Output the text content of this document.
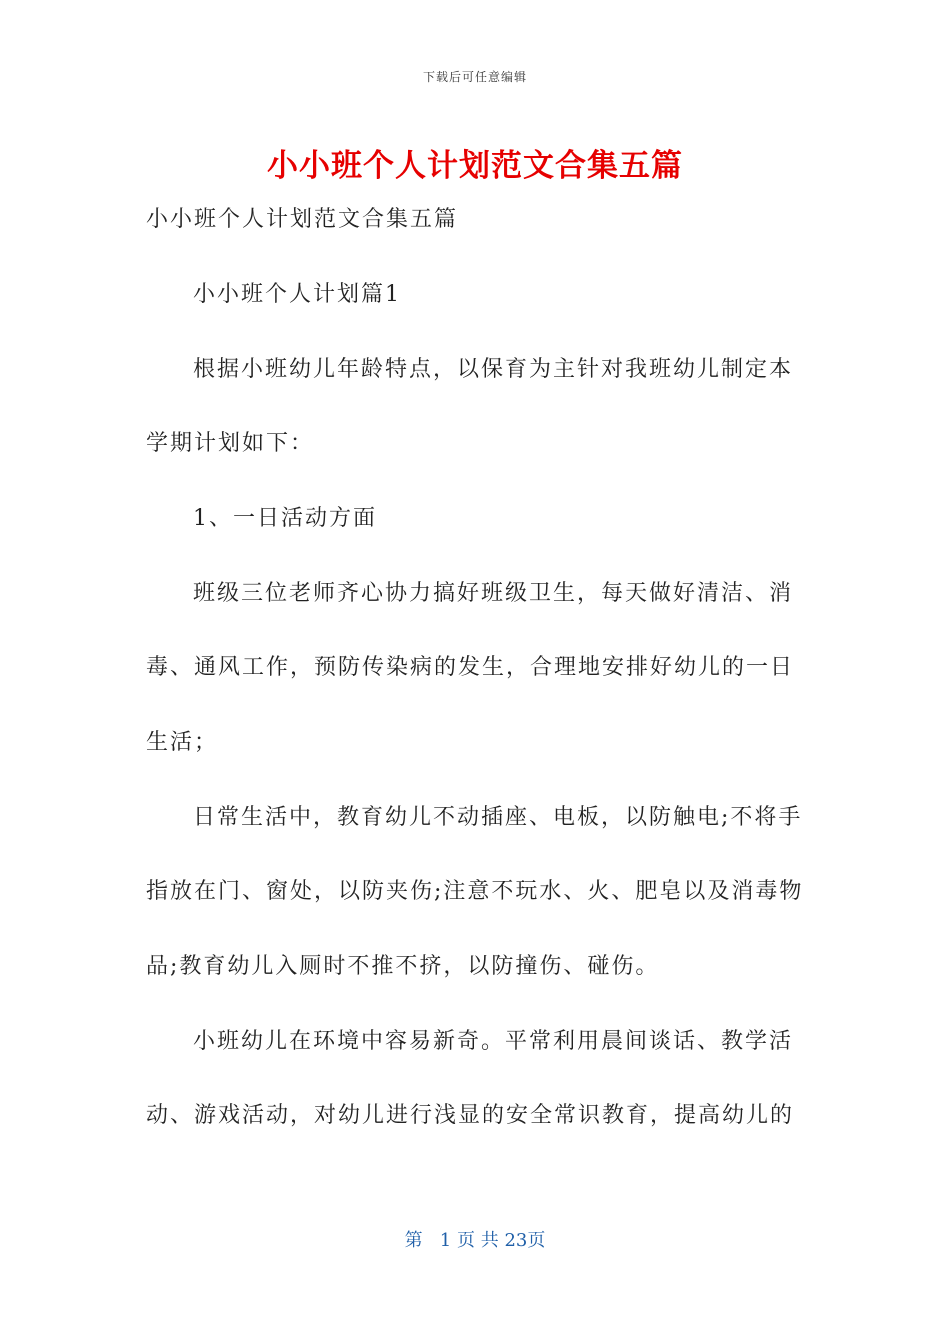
下载后可任意编辑
小小班个人计划范文合集五篇
小小班个人计划范文合集五篇
小小班个人计划篇1
根据小班幼儿年龄特点，以保育为主针对我班幼儿制定本
学期计划如下：
1、一日活动方面
班级三位老师齐心协力搞好班级卫生，每天做好清洁、消
毒、通风工作，预防传染病的发生，合理地安排好幼儿的一日
生活；
日常生活中，教育幼儿不动插座、电板，以防触电;不将手
指放在门、窗处，以防夹伤;注意不玩水、火、肥皂以及消毒物
品;教育幼儿入厕时不推不挤，以防撞伤、碰伤。
小班幼儿在环境中容易新奇。平常利用晨间谈话、教学活
动、游戏活动，对幼儿进行浅显的安全常识教育，提高幼儿的
第 1 页 共 23页
